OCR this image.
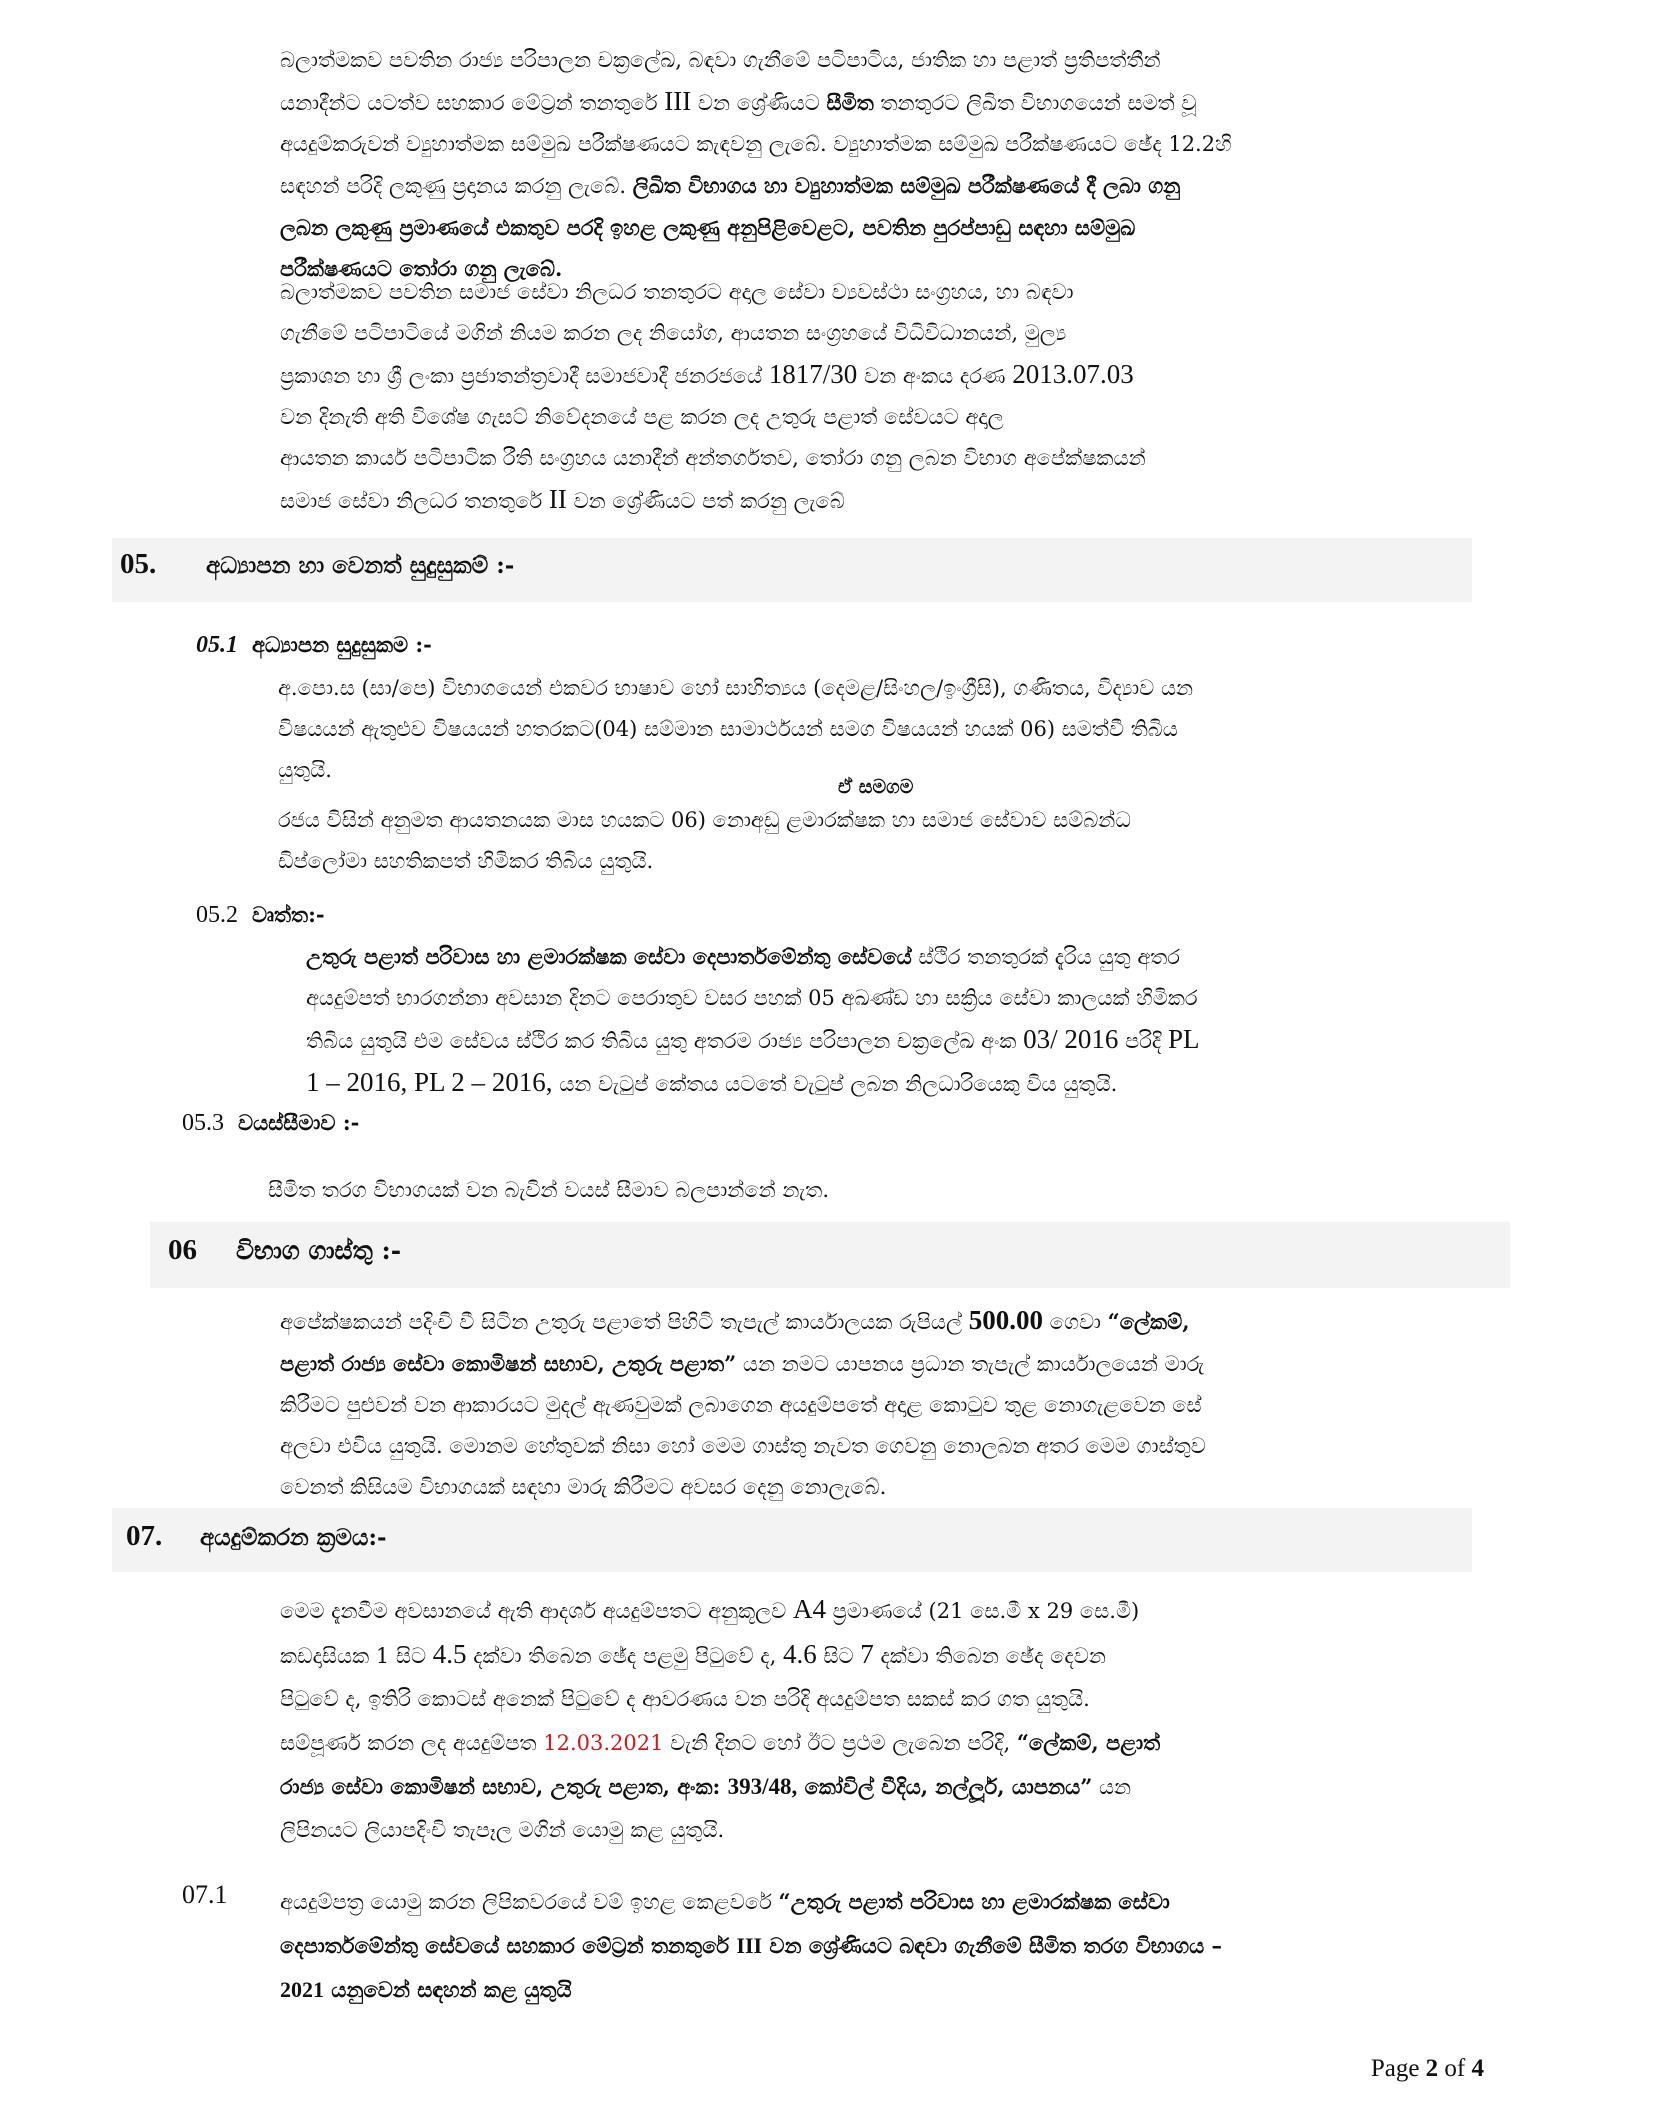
බලාත්මකව පවතින රාජ්‍ය පරිපාලන චක්‍රලේඛ, බඳවා ගැනීමේ පටිපාටිය, ජාතික හා පළාත් ප්‍රතිපත්තීන්
යනාදීන්ට යටත්ව සහකාර මේට්‍රන් තනතුරේ III වන ශ්‍රේණියට සීමිත තනතුරට ලිඛිත විභාගයෙන් සමත් වූ
අයදුම්කරුවන් ව්‍යුහාත්මක සම්මුඛ පරීක්ෂණයට කැඳවනු ලැබේ. ව්‍යුහාත්මක සම්මුඛ පරීක්ෂණයට ඡේද 12.2හි
සඳහන් පරිදි ලකුණු ප්‍රදානය කරනු ලැබේ. ලිඛිත විභාගය හා ව්‍යුහාත්මක සම්මුඛ පරීක්ෂණයේ දී ලබා ගනු
ලබන ලකුණු ප්‍රමාණයේ එකතුව පරදි ඉහළ ලකුණු අනුපිළිවෙළට, පවතින පුරප්පාඩු සඳහා සම්මුඛ
පරීක්ෂණයට තෝරා ගනු ලැබේ.
බලාත්මකව පවතින සමාජ සේවා නිලධර තනතුරට අදාල සේවා ව්‍යවස්ථා සංග්‍රහය, හා බඳවා
ගැනීමේ පටිපාටියේ මගින් නියම කරන ලද නියෝග, ආයතන සංග්‍රහයේ විධිවිධානයන්, මුල්‍ය
ප්‍රකාශන හා ශ්‍රී ලංකා ප්‍රජාතන්ත්‍රවාදී සමාජවාදී ජනරජයේ 1817/30 වන අංකය දරණ 2013.07.03
වන දිනැති අති විශේෂ ගැසට් නිවේදනයේ පළ කරන ලද උතුරු පළාත් සේවයට අදාල
ආයතන කාර්ය පටිපාටික රීති සංග්‍රහය යනාදීන් අන්තර්ගතව, තෝරා ගනු ලබන විභාග අපේක්ෂකයන්
සමාජ සේවා නිලධර තනතුරේ II වන ශ්‍රේණියට පත් කරනු ලැබේ
05.	අධ්‍යාපන හා වෙනත් සුදුසුකම් :-
05.1 අධ්‍යාපන සුදුසුකම :-
අ.පො.ස (සා/පෙ) විභාගයෙන් එකවර භාෂාව හෝ සාහිත්‍යය (දෙමළ/සිංහල/ඉංග්‍රීසි), ගණිතය, විද්‍යාව යන
විෂයයන් ඇතුළුව විෂයයන් හතරකට(04) සම්මාන සාමාර්ථයන් සමග විෂයයන් හයක් 06) සමත්වී තිබිය
යුතුයි.
ඒ සමගම
රජය විසින් අනුමත ආයතනයක මාස හයකට 06) නොඅඩු ළමාරක්ෂක හා සමාජ සේවාව සම්බන්ධ
ඩිප්ලෝමා සහතිකපත් හිමිකර තිබිය යුතුයි.
05.2 වෘත්ත:-
උතුරු පළාත් පරිවාස හා ළමාරක්ෂක සේවා දෙපාර්තමේන්තු සේවයේ ස්ථිර තනතුරක් දැරිය යුතු අතර
අයදුම්පත් භාරගන්නා අවසාන දිනට පෙරාතුව වසර පහක් 05 අඛණ්ඩ හා සක්‍රිය සේවා කාලයක් හිමිකර
තිබිය යුතුයි එම සේවය ස්ථිර කර තිබිය යුතු අතරම රාජ්‍ය පරිපාලන චක්‍රලේඛ අංක 03/ 2016 පරිදි PL
1 – 2016, PL 2 – 2016, යන වැටුප් කේතය යටතේ වැටුප් ලබන නිලධාරියෙකු විය යුතුයි.
05.3 වයස්සීමාව :-
සීමිත තරග විභාගයක් වන බැවින් වයස් සීමාව බලපාන්නේ නැත.
06	විභාග ගාස්තු :-
අපේක්ෂකයන් පදිංචි වී සිටින උතුරු පළාතේ පිහිටි තැපැල් කාර්යාලයක රුපියල් 500.00 ගෙවා “ලේකම්,
පළාත් රාජ්‍ය සේවා කොමිෂන් සභාව, උතුරු පළාත” යන නමට යාපනය ප්‍රධාන තැපැල් කාර්යාලයෙන් මාරු
කිරීමට පුළුවන් වන ආකාරයට මුදල් ඇණවුමක් ලබාගෙන අයදුම්පතේ අදාළ කොටුව තුළ නොගැළවෙන සේ
අලවා එවිය යුතුයි. මොනම හේතුවක් නිසා හෝ මෙම ගාස්තු නැවත ගෙවනු නොලබන අතර මෙම ගාස්තුව
වෙනත් කිසියම විභාගයක් සඳහා මාරු කිරීමට අවසර දෙනු නොලැබේ.
07.	අයදුම්කරන ක්‍රමය:-
මෙම දැනවීම අවසානයේ ඇති ආදර්ශ අයදුම්පතට අනුකූලව A4 ප්‍රමාණයේ (21 සෙ.මී x 29 සෙ.මී)
කඩදාසියක 1 සිට 4.5 දක්වා තිබෙන ඡේද පළමු පිටුවේ ද, 4.6 සිට 7 දක්වා තිබෙන ඡේද දෙවන
පිටුවේ ද, ඉතිරි කොටස් අනෙක් පිටුවේ ද ආවරණය වන පරිදි අයදුම්පත සකස් කර ගත යුතුයි.
සම්පූර්ණ කරන ලද අයදුම්පත 12.03.2021 වැනි දිනට හෝ ඊට ප්‍රථම ලැබෙන පරිදි, “ලේකම්, පළාත්
රාජ්‍ය සේවා කොමිෂන් සභාව, උතුරු පළාත, අංක: 393/48, කෝවිල් වීදිය, නල්ලූර්, යාපනය” යන
ලිපිනයට ලියාපදිංචි තැපෑල මගින් යොමු කළ යුතුයි.
07.1	අයදුම්පත්‍ර යොමු කරන ලිපිකවරයේ වම් ඉහළ කෙළවරේ “උතුරු පළාත් පරිවාස හා ළමාරක්ෂක සේවා
දෙපාර්තමේන්තු සේවයේ සහකාර මේට්‍රන් තනතුරේ III වන ශ්‍රේණියට බඳවා ගැනීමේ සීමිත තරග විභාගය –
2021 යනුවෙන් සඳහන් කළ යුතුයි
Page 2 of 4
